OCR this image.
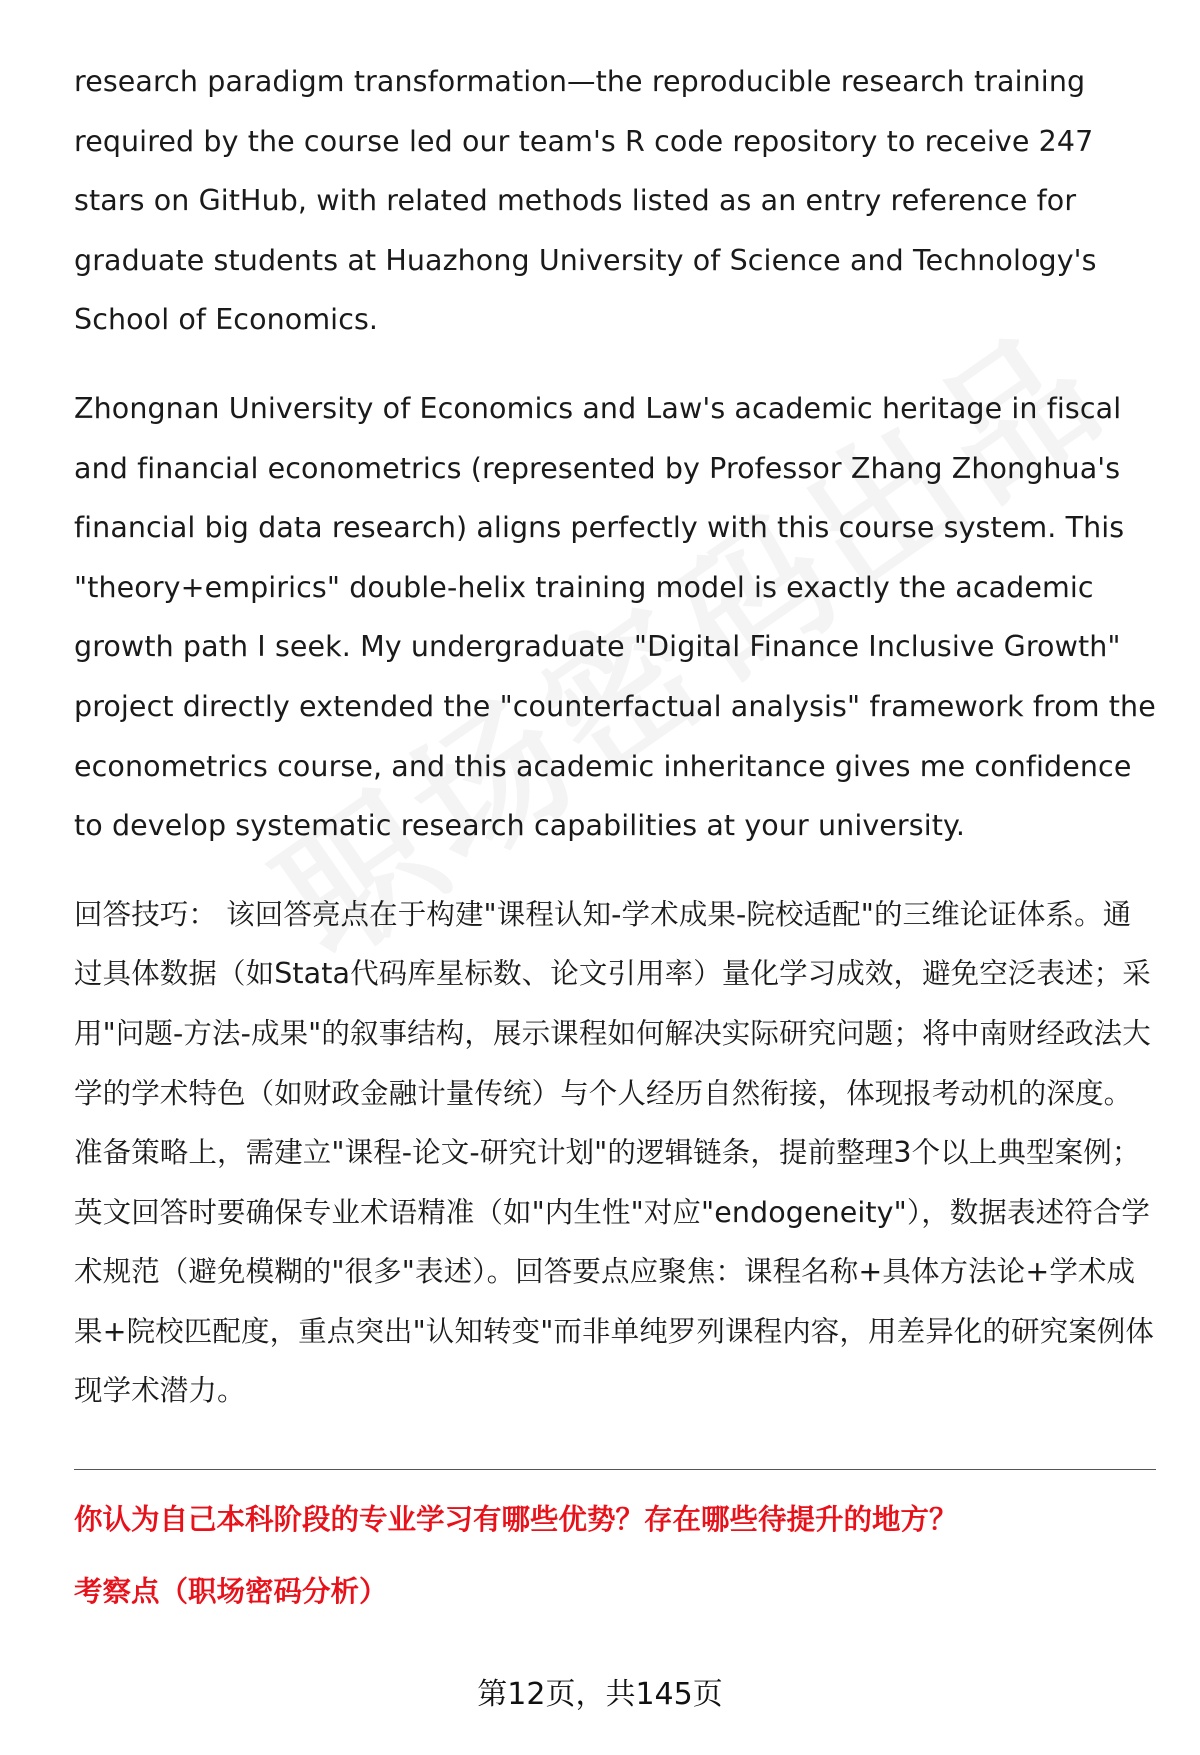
research paradigm transformation—the reproducible research training required by the course led our team's R code repository to receive 247 stars on GitHub, with related methods listed as an entry reference for graduate students at Huazhong University of Science and Technology's School of Economics.

Zhongnan University of Economics and Law's academic heritage in fiscal and financial econometrics (represented by Professor Zhang Zhonghua's financial big data research) aligns perfectly with this course system. This "theory+empirics" double-helix training model is exactly the academic growth path I seek. My undergraduate "Digital Finance Inclusive Growth" project directly extended the "counterfactual analysis" framework from the econometrics course, and this academic inheritance gives me confidence to develop systematic research capabilities at your university.

回答技巧： 该回答亮点在于构建"课程认知-学术成果-院校适配"的三维论证体系。通过具体数据（如Stata代码库星标数、论文引用率）量化学习成效，避免空泛表述；采用"问题-方法-成果"的叙事结构，展示课程如何解决实际研究问题；将中南财经政法大学的学术特色（如财政金融计量传统）与个人经历自然衔接，体现报考动机的深度。准备策略上，需建立"课程-论文-研究计划"的逻辑链条，提前整理3个以上典型案例；英文回答时要确保专业术语精准（如"内生性"对应"endogeneity"），数据表述符合学术规范（避免模糊的"很多"表述）。回答要点应聚焦：课程名称+具体方法论+学术成果+院校匹配度，重点突出"认知转变"而非单纯罗列课程内容，用差异化的研究案例体现学术潜力。

你认为自己本科阶段的专业学习有哪些优势？存在哪些待提升的地方？
考察点（职场密码分析）
第12页，共145页
